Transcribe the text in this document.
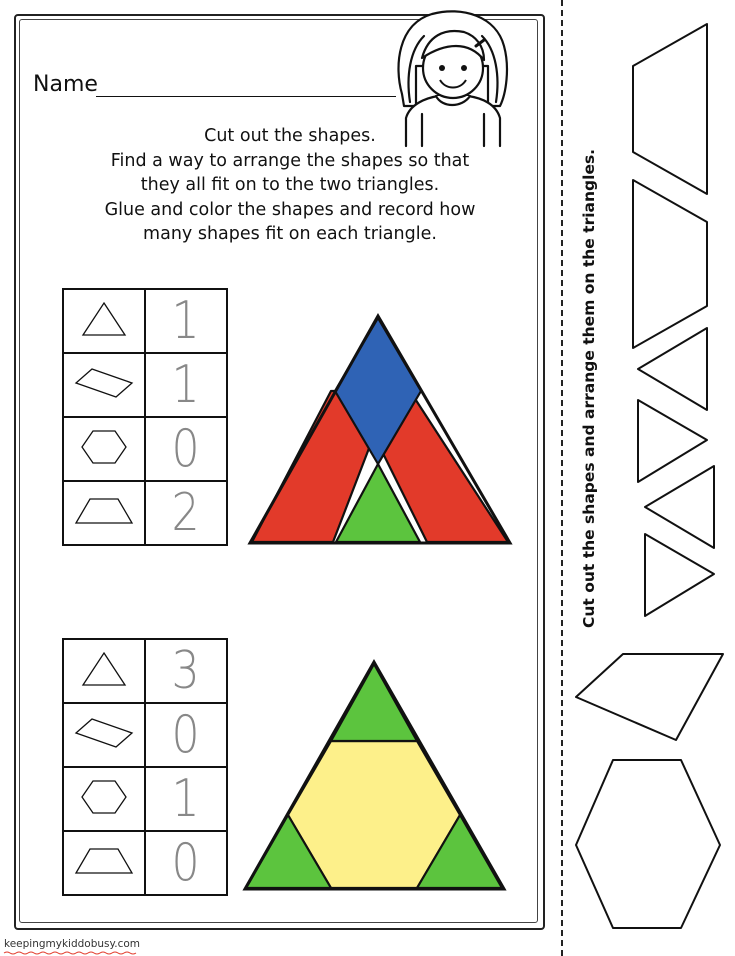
Name
Cut out the shapes.
Find a way to arrange the shapes so that
they all fit on to the two triangles.
Glue and color the shapes and record how
many shapes fit on each triangle.
	1
	1
	0
	2
	3
	0
	1
	0
Cut out the shapes and arrange them on the triangles.
keepingmykiddobusy.com
